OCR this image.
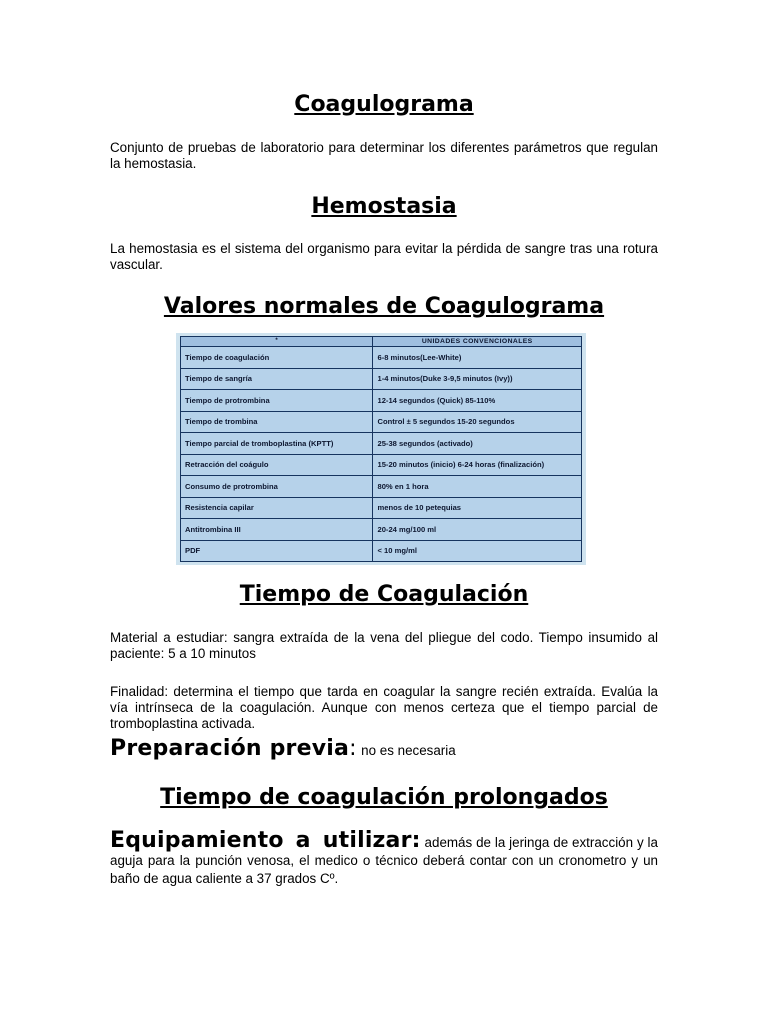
Coagulograma

Conjunto de pruebas de laboratorio para determinar los diferentes parámetros que regulan la hemostasia.

Hemostasia

La hemostasia es el sistema del organismo para evitar la pérdida de sangre tras una rotura vascular.

Valores normales de Coagulograma
*	UNIDADES CONVENCIONALES
Tiempo de coagulación	6-8 minutos(Lee-White)
Tiempo de sangría	1-4 minutos(Duke 3-9,5 minutos (Ivy))
Tiempo de protrombina	12-14 segundos (Quick) 85-110%
Tiempo de trombina	Control ± 5 segundos 15-20 segundos
Tiempo parcial de tromboplastina (KPTT)	25-38 segundos (activado)
Retracción del coágulo	15-20 minutos (inicio) 6-24 horas (finalización)
Consumo de protrombina	80% en 1 hora
Resistencia capilar	menos de 10 petequias
Antitrombina III	20-24 mg/100 ml
PDF	< 10 mg/ml
Tiempo de Coagulación

Material a estudiar: sangra extraída de la vena del pliegue del codo. Tiempo insumido al paciente: 5 a 10 minutos

Finalidad: determina el tiempo que tarda en coagular la sangre recién extraída. Evalúa la vía intrínseca de la coagulación. Aunque con menos certeza que el tiempo parcial de tromboplastina activada.

Preparación previa: no es necesaria
Tiempo de coagulación prolongados

Equipamiento a utilizar: además de la jeringa de extracción y la aguja para la punción venosa, el medico o técnico deberá contar con un cronometro y un baño de agua caliente a 37 grados Cº.
